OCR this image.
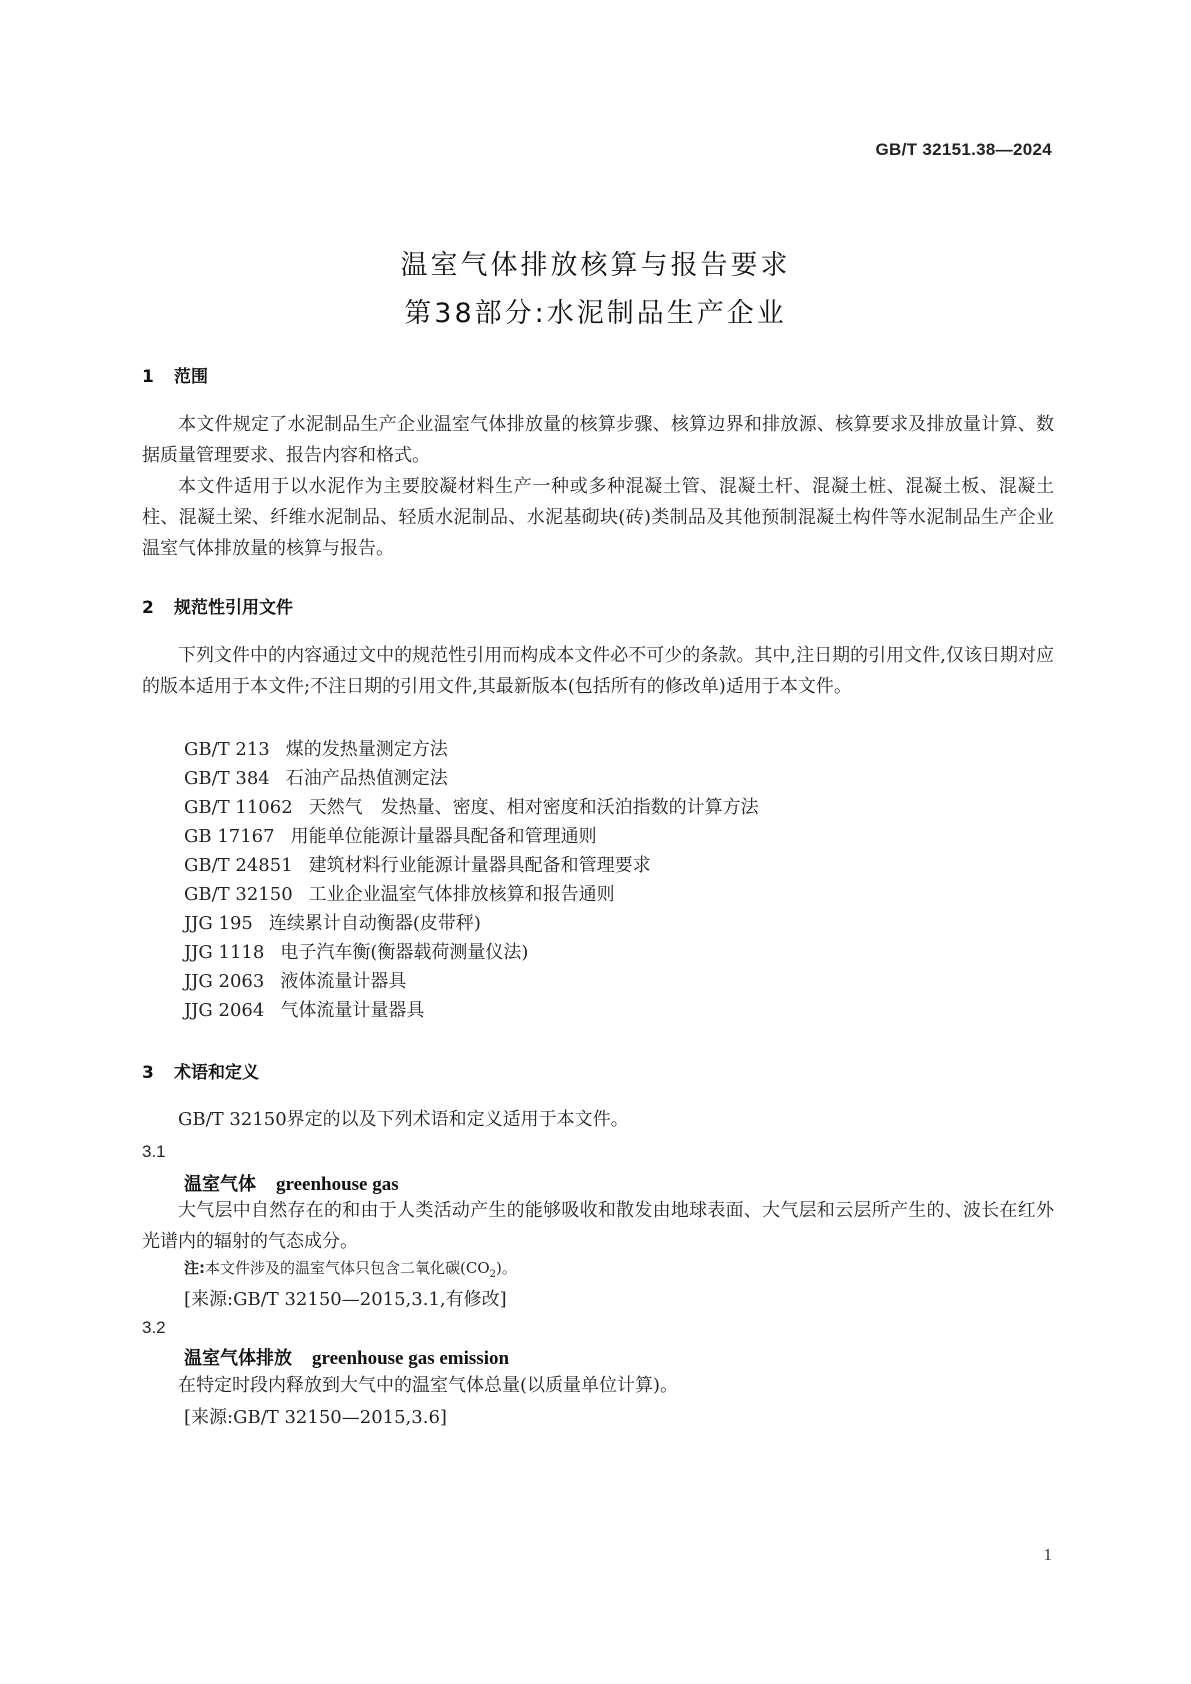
GB/T 32151.38—2024
温室气体排放核算与报告要求
第38部分:水泥制品生产企业
1 范围
本文件规定了水泥制品生产企业温室气体排放量的核算步骤、核算边界和排放源、核算要求及排放量计算、数据质量管理要求、报告内容和格式。
本文件适用于以水泥作为主要胶凝材料生产一种或多种混凝土管、混凝土杆、混凝土桩、混凝土板、混凝土柱、混凝土梁、纤维水泥制品、轻质水泥制品、水泥基砌块(砖)类制品及其他预制混凝土构件等水泥制品生产企业温室气体排放量的核算与报告。
2 规范性引用文件
下列文件中的内容通过文中的规范性引用而构成本文件必不可少的条款。其中,注日期的引用文件,仅该日期对应的版本适用于本文件;不注日期的引用文件,其最新版本(包括所有的修改单)适用于本文件。
GB/T 213 煤的发热量测定方法
GB/T 384 石油产品热值测定法
GB/T 11062 天然气　发热量、密度、相对密度和沃泊指数的计算方法
GB 17167 用能单位能源计量器具配备和管理通则
GB/T 24851 建筑材料行业能源计量器具配备和管理要求
GB/T 32150 工业企业温室气体排放核算和报告通则
JJG 195 连续累计自动衡器(皮带秤)
JJG 1118 电子汽车衡(衡器载荷测量仪法)
JJG 2063 液体流量计器具
JJG 2064 气体流量计量器具
3 术语和定义
GB/T 32150界定的以及下列术语和定义适用于本文件。
3.1
温室气体 greenhouse gas
大气层中自然存在的和由于人类活动产生的能够吸收和散发由地球表面、大气层和云层所产生的、波长在红外光谱内的辐射的气态成分。
注:本文件涉及的温室气体只包含二氧化碳$(CO_2)$。
[来源:GB/T 32150—2015,3.1,有修改]
3.2
温室气体排放 greenhouse gas emission
在特定时段内释放到大气中的温室气体总量(以质量单位计算)。
[来源:GB/T 32150—2015,3.6]
1
